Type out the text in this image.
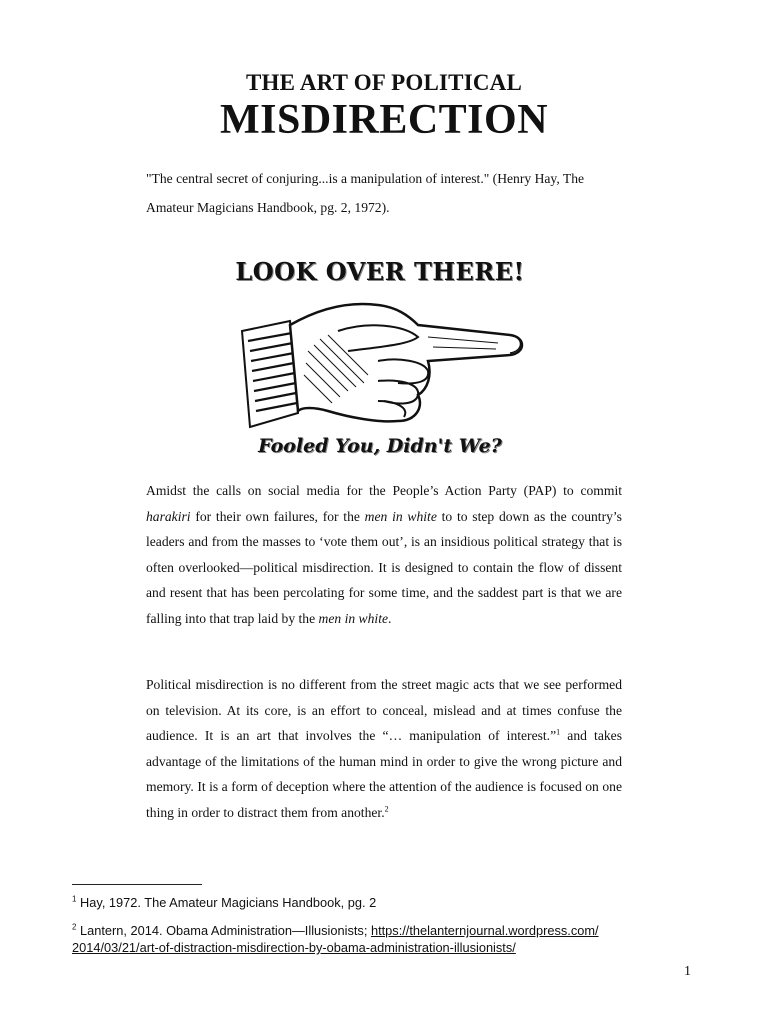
THE ART OF POLITICAL
MISDIRECTION
"The central secret of conjuring...is a manipulation of interest." (Henry Hay, The Amateur Magicians Handbook, pg. 2, 1972).
LOOK OVER THERE!
Fooled You, Didn't We?

Amidst the calls on social media for the People’s Action Party (PAP) to commit harakiri for their own failures, for the men in white to to step down as the country’s leaders and from the masses to ‘vote them out’, is an insidious political strategy that is often overlooked—political misdirection. It is designed to contain the flow of dissent and resent that has been percolating for some time, and the saddest part is that we are falling into that trap laid by the men in white.

Political misdirection is no different from the street magic acts that we see performed on television. At its core, is an effort to conceal, mislead and at times confuse the audience. It is an art that involves the “… manipulation of interest.”$^1$ and takes advantage of the limitations of the human mind in order to give the wrong picture and memory. It is a form of deception where the attention of the audience is focused on one thing in order to distract them from another.$^2$

$^1$ Hay, 1972. The Amateur Magicians Handbook, pg. 2
$^2$ Lantern, 2014. Obama Administration—Illusionists; https://thelanternjournal.wordpress.com/
2014/03/21/art-of-distraction-misdirection-by-obama-administration-illusionists/
1
